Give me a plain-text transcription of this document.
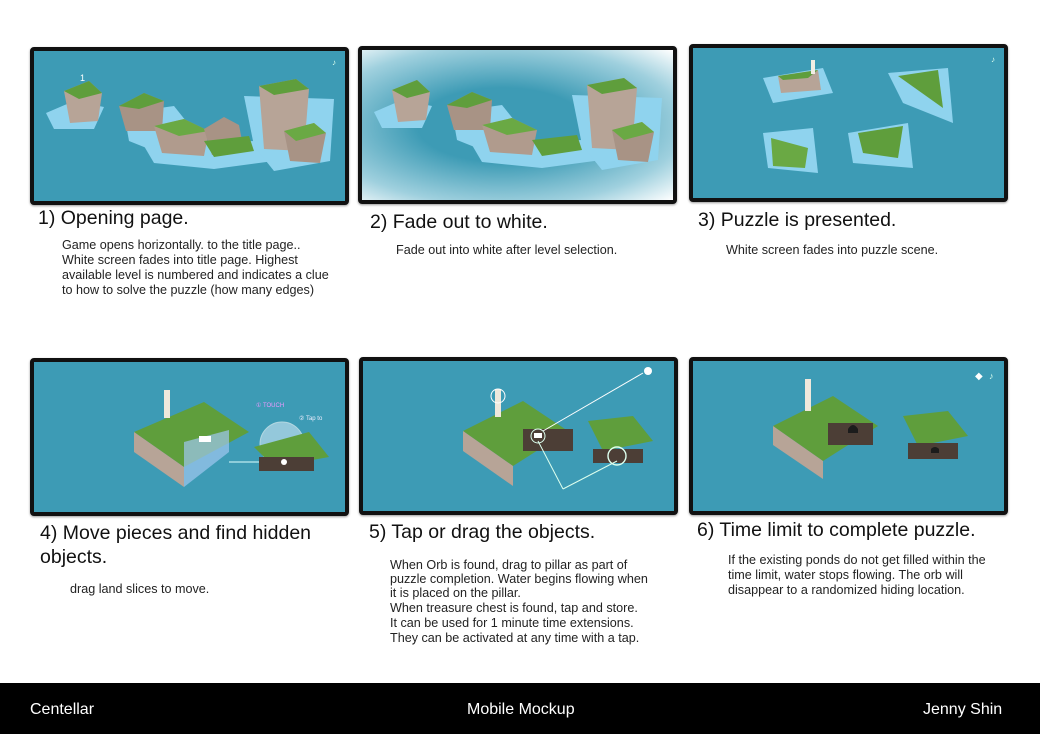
1
♪
1) Opening page.

Game opens horizontally. to the title page..

White screen fades into title page. Highest

available level is numbered and indicates a clue

to how to solve the puzzle (how many edges)

2) Fade out to white.

Fade out into white after level selection.

♪
3) Puzzle is presented.

White screen fades into puzzle scene.

① TOUCH
② Tap to
4) Move pieces and find hidden objects.

drag land slices to move.

5) Tap or drag the objects.

When Orb is found, drag to pillar as part of

puzzle completion. Water begins flowing when

it is placed on the pillar.

When treasure chest is found, tap and store.

It can be used for 1 minute time extensions.

They can be activated at any time with a tap.

◆ ♪
6) Time limit to complete puzzle.

If the existing ponds do not get filled within the

time limit, water stops flowing. The orb will

disappear to a randomized hiding location.

Centellar	Mobile Mockup	Jenny Shin
